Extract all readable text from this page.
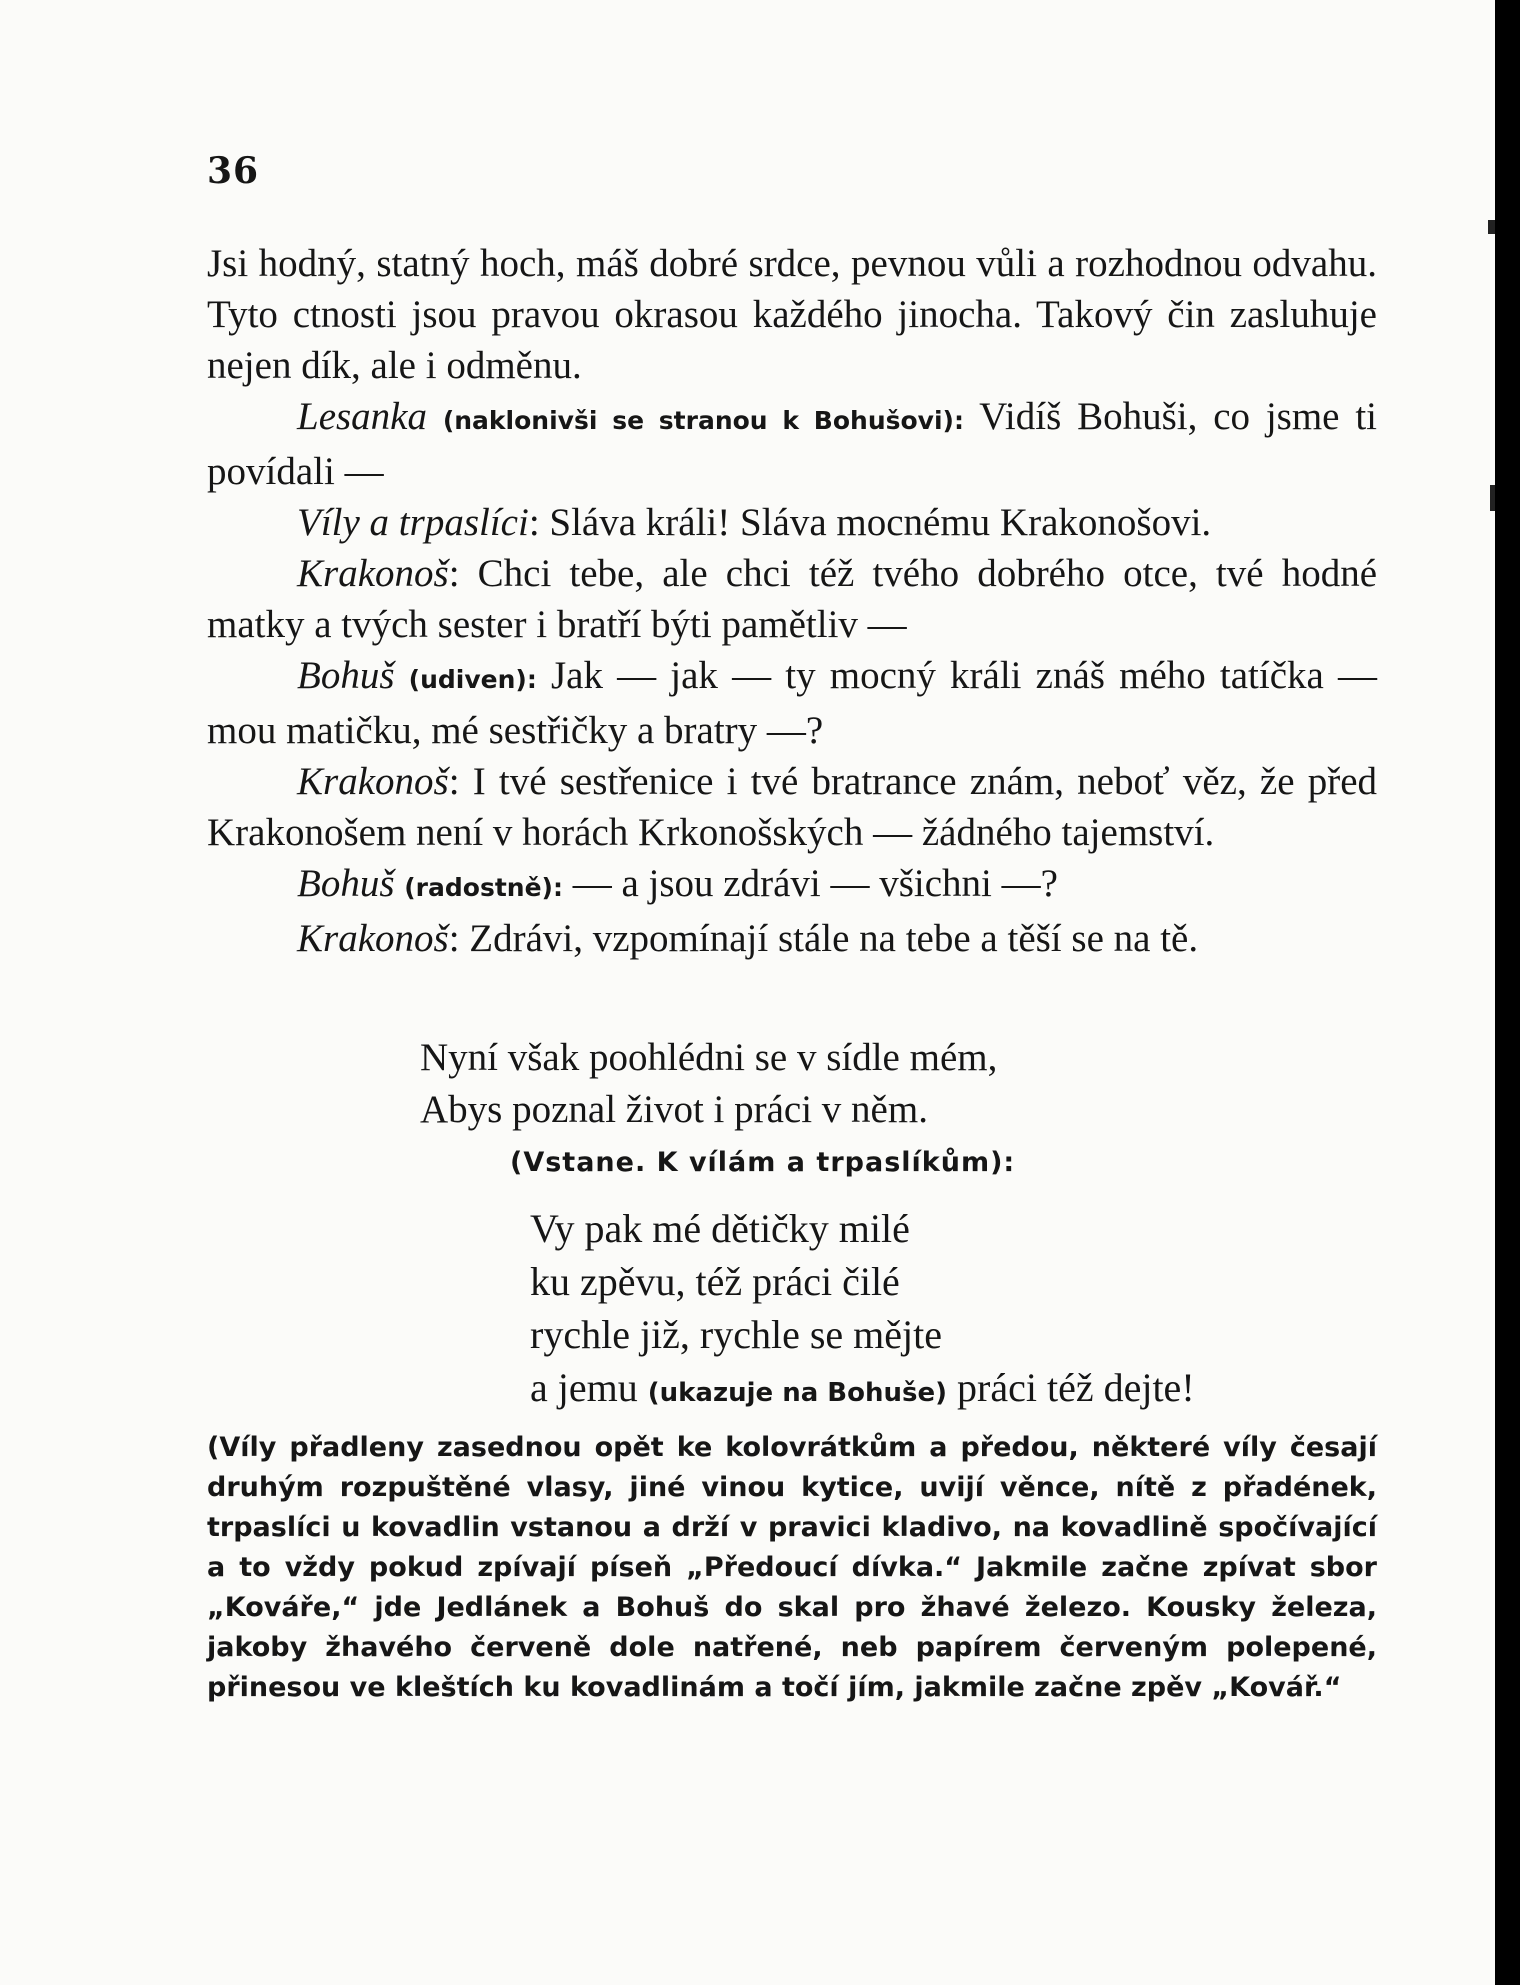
36

Jsi hodný, statný hoch, máš dobré srdce, pevnou vůli a rozhodnou odvahu. Tyto ctnosti jsou pravou okrasou každého jinocha. Takový čin zasluhuje nejen dík, ale i odměnu.

Lesanka (naklonivši se stranou k Bohušovi): Vidíš Bohuši, co jsme ti povídali —

Víly a trpaslíci: Sláva králi! Sláva mocnému Krakonošovi.

Krakonoš: Chci tebe, ale chci též tvého dobrého otce, tvé hodné matky a tvých sester i bratří býti pamětliv —

Bohuš (udiven): Jak — jak — ty mocný králi znáš mého tatíčka — mou matičku, mé sestřičky a bratry —?

Krakonoš: I tvé sestřenice i tvé bratrance znám, neboť věz, že před Krakonošem není v horách Krkonošských — žádného tajemství.

Bohuš (radostně): — a jsou zdrávi — všichni —?

Krakonoš: Zdrávi, vzpomínají stále na tebe a těší se na tě.

Nyní však poohlédni se v sídle mém,
Abys poznal život i práci v něm.
(Vstane. K vílám a trpaslíkům):
Vy pak mé dětičky milé
ku zpěvu, též práci čilé
rychle již, rychle se mějte
a jemu (ukazuje na Bohuše) práci též dejte!
(Víly přadleny zasednou opět ke kolovrátkům a předou, některé víly česají druhým rozpuštěné vlasy, jiné vinou kytice, uvijí věnce, nítě z přadének, trpaslíci u kovadlin vstanou a drží v pravici kladivo, na kovadlině spočívající a to vždy pokud zpívají píseň „Předoucí dívka.“ Jakmile začne zpívat sbor „Kováře,“ jde Jedlánek a Bohuš do skal pro žhavé železo. Kousky železa, jakoby žhavého červeně dole natřené, neb papírem červeným polepené, přinesou ve kleštích ku kovadlinám a točí jím, jakmile začne zpěv „Kovář.“
